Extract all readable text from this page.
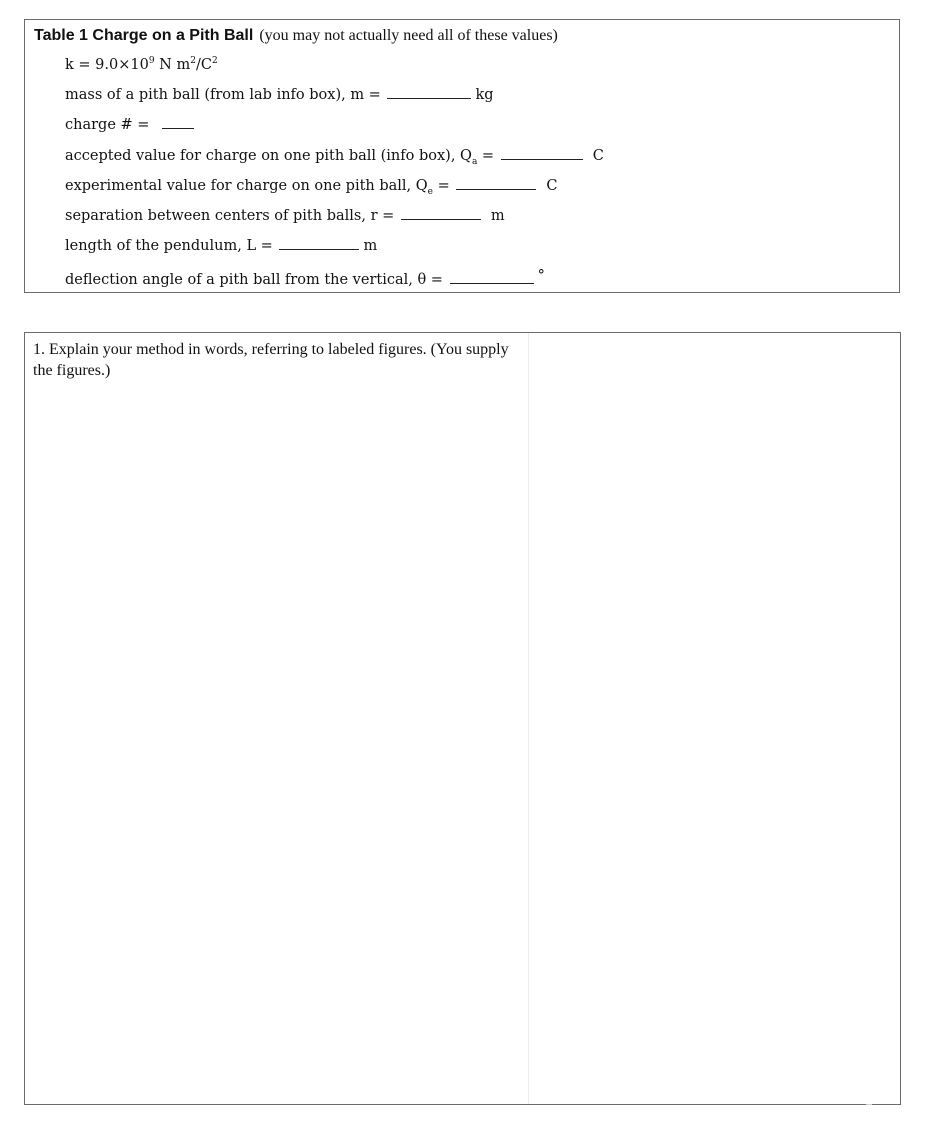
Table 1 Charge on a Pith Ball (you may not actually need all of these values)
$k = 9.0\times 10^9$ N $m^2/C^2$
mass of a pith ball (from lab info box), m =	kg
charge # =
accepted value for charge on one pith ball (info box), $Q_a$ =	C
experimental value for charge on one pith ball, $Q_e$ =	C
separation between centers of pith balls, r =	m
length of the pendulum, L =	m
deflection angle of a pith ball from the vertical, θ =	°
1. Explain your method in words, referring to labeled figures. (You supply the figures.)
